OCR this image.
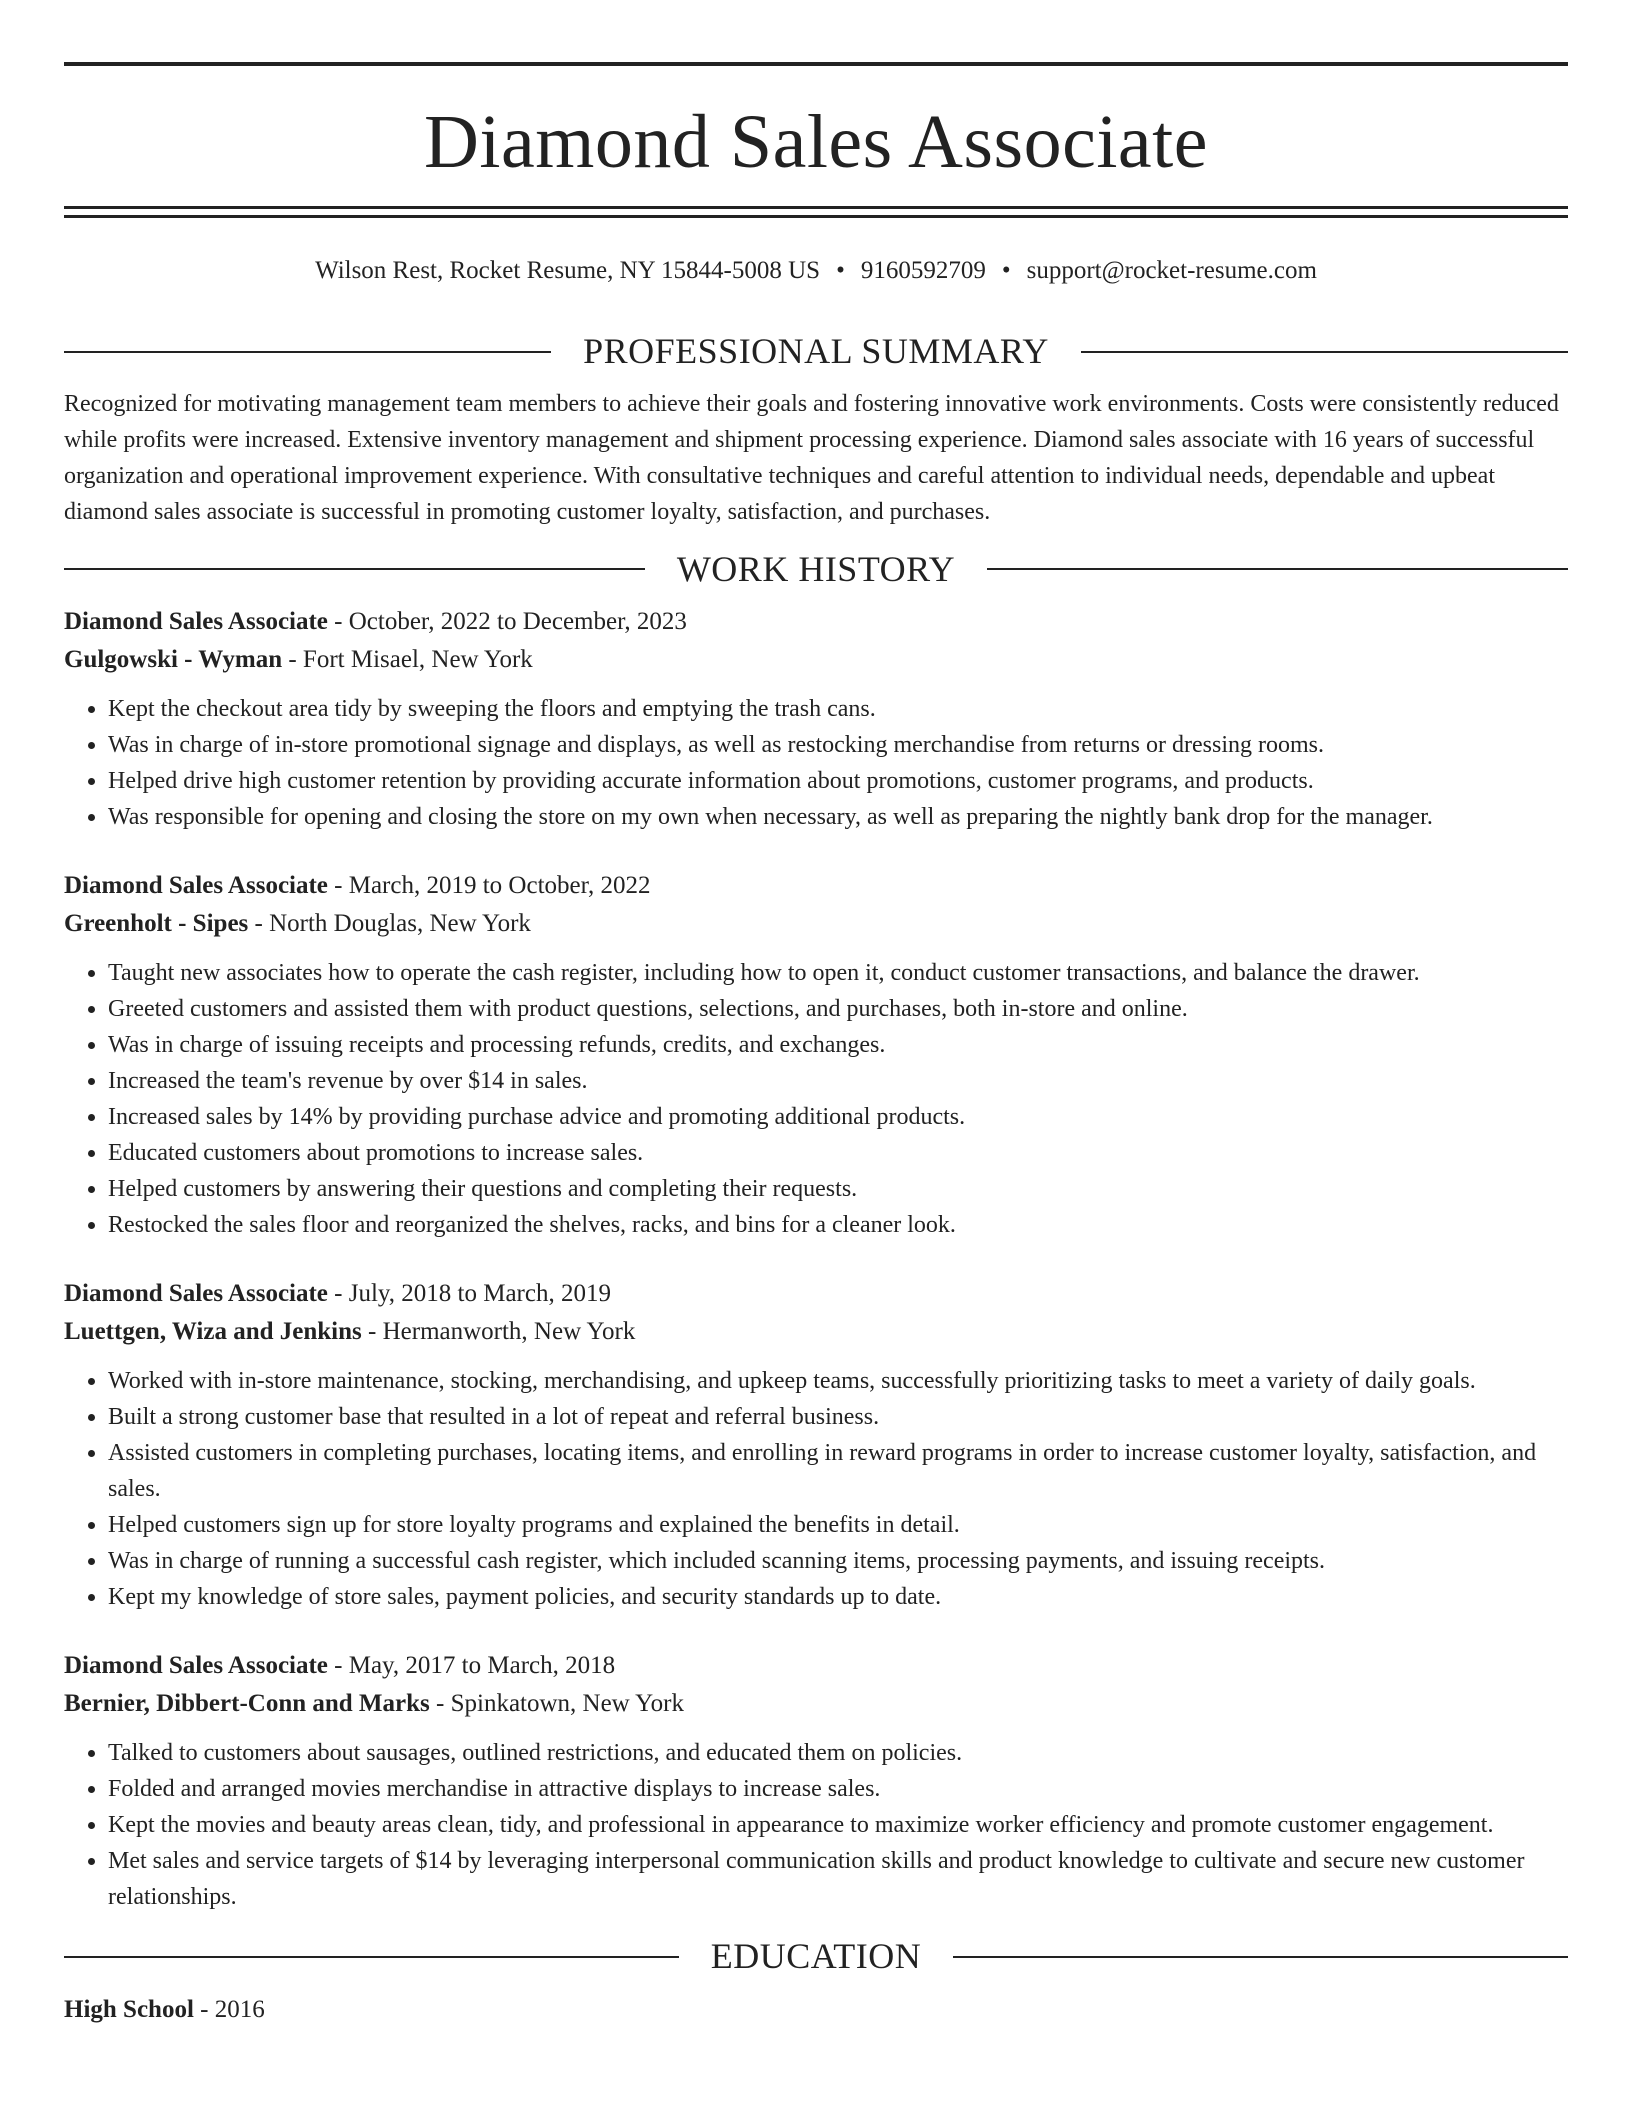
Diamond Sales Associate
Wilson Rest, Rocket Resume, NY 15844-5008 US • 9160592709 • support@rocket-resume.com
PROFESSIONAL SUMMARY

Recognized for motivating management team members to achieve their goals and fostering innovative work environments. Costs were consistently reduced while profits were increased. Extensive inventory management and shipment processing experience. Diamond sales associate with 16 years of successful organization and operational improvement experience. With consultative techniques and careful attention to individual needs, dependable and upbeat diamond sales associate is successful in promoting customer loyalty, satisfaction, and purchases.

WORK HISTORY
Diamond Sales Associate - October, 2022 to December, 2023
Gulgowski - Wyman - Fort Misael, New York
• Kept the checkout area tidy by sweeping the floors and emptying the trash cans.
• Was in charge of in-store promotional signage and displays, as well as restocking merchandise from returns or dressing rooms.
• Helped drive high customer retention by providing accurate information about promotions, customer programs, and products.
• Was responsible for opening and closing the store on my own when necessary, as well as preparing the nightly bank drop for the manager.
Diamond Sales Associate - March, 2019 to October, 2022
Greenholt - Sipes - North Douglas, New York
• Taught new associates how to operate the cash register, including how to open it, conduct customer transactions, and balance the drawer.
• Greeted customers and assisted them with product questions, selections, and purchases, both in-store and online.
• Was in charge of issuing receipts and processing refunds, credits, and exchanges.
• Increased the team's revenue by over $14 in sales.
• Increased sales by 14% by providing purchase advice and promoting additional products.
• Educated customers about promotions to increase sales.
• Helped customers by answering their questions and completing their requests.
• Restocked the sales floor and reorganized the shelves, racks, and bins for a cleaner look.
Diamond Sales Associate - July, 2018 to March, 2019
Luettgen, Wiza and Jenkins - Hermanworth, New York
• Worked with in-store maintenance, stocking, merchandising, and upkeep teams, successfully prioritizing tasks to meet a variety of daily goals.
• Built a strong customer base that resulted in a lot of repeat and referral business.
• Assisted customers in completing purchases, locating items, and enrolling in reward programs in order to increase customer loyalty, satisfaction, and sales.
• Helped customers sign up for store loyalty programs and explained the benefits in detail.
• Was in charge of running a successful cash register, which included scanning items, processing payments, and issuing receipts.
• Kept my knowledge of store sales, payment policies, and security standards up to date.
Diamond Sales Associate - May, 2017 to March, 2018
Bernier, Dibbert-Conn and Marks - Spinkatown, New York
• Talked to customers about sausages, outlined restrictions, and educated them on policies.
• Folded and arranged movies merchandise in attractive displays to increase sales.
• Kept the movies and beauty areas clean, tidy, and professional in appearance to maximize worker efficiency and promote customer engagement.
• Met sales and service targets of $14 by leveraging interpersonal communication skills and product knowledge to cultivate and secure new customer relationships.
EDUCATION
High School - 2016
